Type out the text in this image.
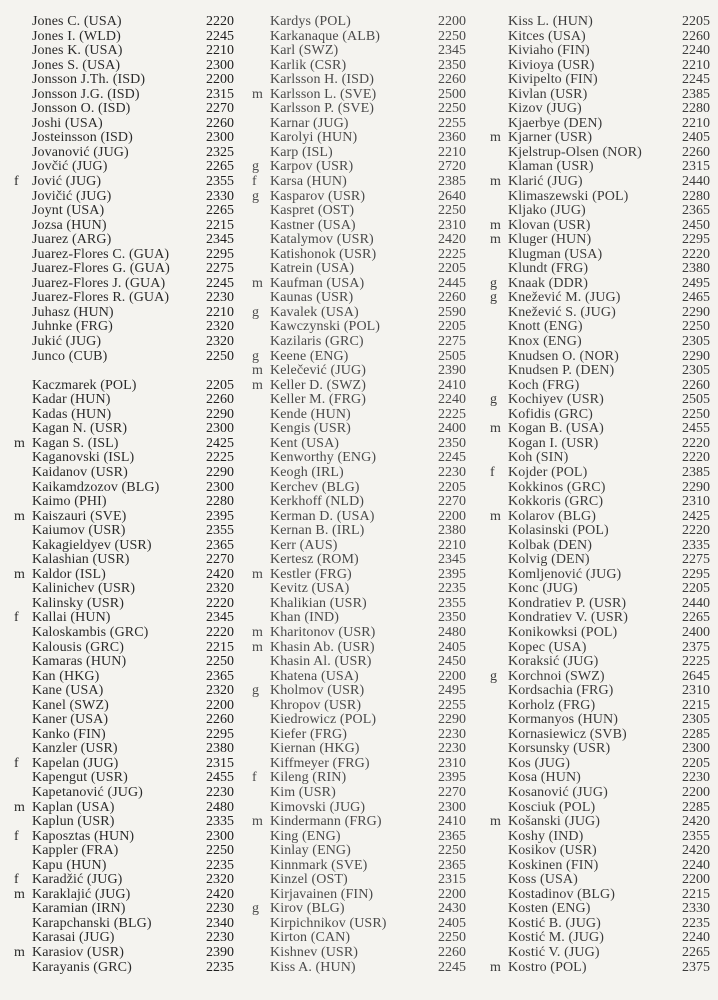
Jones C. (USA)	2220
Jones I. (WLD)	2245
Jones K. (USA)	2210
Jones S. (USA)	2300
Jonsson J.Th. (ISD)	2200
Jonsson J.G. (ISD)	2315
Jonsson O. (ISD)	2270
Joshi (USA)	2260
Josteinsson (ISD)	2300
Jovanović (JUG)	2325
Jovčić (JUG)	2265
f Jović (JUG)	2355
Jovičić (JUG)	2330
Joynt (USA)	2265
Jozsa (HUN)	2215
Juarez (ARG)	2345
Juarez-Flores C. (GUA)	2295
Juarez-Flores G. (GUA)	2275
Juarez-Flores J. (GUA)	2245
Juarez-Flores R. (GUA)	2230
Juhasz (HUN)	2210
Juhnke (FRG)	2320
Jukić (JUG)	2320
Junco (CUB)	2250
Kaczmarek (POL)	2205
Kadar (HUN)	2260
Kadas (HUN)	2290
Kagan N. (USR)	2300
m Kagan S. (ISL)	2425
Kaganovski (ISL)	2225
Kaidanov (USR)	2290
Kaikamdzozov (BLG)	2300
Kaimo (PHI)	2280
m Kaiszauri (SVE)	2395
Kaiumov (USR)	2355
Kakagieldyev (USR)	2365
Kalashian (USR)	2270
m Kaldor (ISL)	2420
Kalinichev (USR)	2320
Kalinsky (USR)	2220
f Kallai (HUN)	2345
Kaloskambis (GRC)	2220
Kalousis (GRC)	2215
Kamaras (HUN)	2250
Kan (HKG)	2365
Kane (USA)	2320
Kanel (SWZ)	2200
Kaner (USA)	2260
Kanko (FIN)	2295
Kanzler (USR)	2380
f Kapelan (JUG)	2315
Kapengut (USR)	2455
Kapetanović (JUG)	2230
m Kaplan (USA)	2480
Kaplun (USR)	2335
f Kaposztas (HUN)	2300
Kappler (FRA)	2250
Kapu (HUN)	2235
f Karadžić (JUG)	2320
m Karaklajić (JUG)	2420
Karamian (IRN)	2230
Karapchanski (BLG)	2340
Karasai (JUG)	2230
m Karasiov (USR)	2390
Karayanis (GRC)	2235
Kardys (POL)	2200
Karkanaque (ALB)	2250
Karl (SWZ)	2345
Karlik (CSR)	2350
Karlsson H. (ISD)	2260
m Karlsson L. (SVE)	2500
Karlsson P. (SVE)	2250
Karnar (JUG)	2255
Karolyi (HUN)	2360
Karp (ISL)	2210
g Karpov (USR)	2720
f Karsa (HUN)	2385
g Kasparov (USR)	2640
Kaspret (OST)	2250
Kastner (USA)	2310
Katalymov (USR)	2420
Katishonok (USR)	2225
Katrein (USA)	2205
m Kaufman (USA)	2445
Kaunas (USR)	2260
g Kavalek (USA)	2590
Kawczynski (POL)	2205
Kazilaris (GRC)	2275
g Keene (ENG)	2505
m Kelečević (JUG)	2390
m Keller D. (SWZ)	2410
Keller M. (FRG)	2240
Kende (HUN)	2225
Kengis (USR)	2400
Kent (USA)	2350
Kenworthy (ENG)	2245
Keogh (IRL)	2230
Kerchev (BLG)	2205
Kerkhoff (NLD)	2270
Kerman D. (USA)	2200
Kernan B. (IRL)	2380
Kerr (AUS)	2210
Kertesz (ROM)	2345
m Kestler (FRG)	2395
Kevitz (USA)	2235
Khalikian (USR)	2355
Khan (IND)	2350
m Kharitonov (USR)	2480
m Khasin Ab. (USR)	2405
Khasin Al. (USR)	2450
Khatena (USA)	2200
g Kholmov (USR)	2495
Khropov (USR)	2255
Kiedrowicz (POL)	2290
Kiefer (FRG)	2230
Kiernan (HKG)	2230
Kiffmeyer (FRG)	2310
f Kileng (RIN)	2395
Kim (USR)	2270
Kimovski (JUG)	2300
m Kindermann (FRG)	2410
King (ENG)	2365
Kinlay (ENG)	2250
Kinnmark (SVE)	2365
Kinzel (OST)	2315
Kirjavainen (FIN)	2200
g Kirov (BLG)	2430
Kirpichnikov (USR)	2405
Kirton (CAN)	2250
Kishnev (USR)	2260
Kiss A. (HUN)	2245
Kiss L. (HUN)	2205
Kitces (USA)	2260
Kiviaho (FIN)	2240
Kivioya (USR)	2210
Kivipelto (FIN)	2245
Kivlan (USR)	2385
Kizov (JUG)	2280
Kjaerbye (DEN)	2210
m Kjarner (USR)	2405
Kjelstrup-Olsen (NOR)	2260
Klaman (USR)	2315
m Klarić (JUG)	2440
Klimaszewski (POL)	2280
Kljako (JUG)	2365
m Klovan (USR)	2450
m Kluger (HUN)	2295
Klugman (USA)	2220
Klundt (FRG)	2380
g Knaak (DDR)	2495
g Knežević M. (JUG)	2465
Knežević S. (JUG)	2290
Knott (ENG)	2250
Knox (ENG)	2305
Knudsen O. (NOR)	2290
Knudsen P. (DEN)	2305
Koch (FRG)	2260
g Kochiyev (USR)	2505
Kofidis (GRC)	2250
m Kogan B. (USA)	2455
Kogan I. (USR)	2220
Koh (SIN)	2220
f Kojder (POL)	2385
Kokkinos (GRC)	2290
Kokkoris (GRC)	2310
m Kolarov (BLG)	2425
Kolasinski (POL)	2220
Kolbak (DEN)	2335
Kolvig (DEN)	2275
Komljenović (JUG)	2295
Konc (JUG)	2205
Kondratiev P. (USR)	2440
Kondratiev V. (USR)	2265
Konikowksi (POL)	2400
Kopec (USA)	2375
Koraksić (JUG)	2225
g Korchnoi (SWZ)	2645
Kordsachia (FRG)	2310
Korholz (FRG)	2215
Kormanyos (HUN)	2305
Kornasiewicz (SVB)	2285
Korsunsky (USR)	2300
Kos (JUG)	2205
Kosa (HUN)	2230
Kosanović (JUG)	2200
Kosciuk (POL)	2285
m Košanski (JUG)	2420
Koshy (IND)	2355
Kosikov (USR)	2420
Koskinen (FIN)	2240
Koss (USA)	2200
Kostadinov (BLG)	2215
Kosten (ENG)	2330
Kostić B. (JUG)	2235
Kostić M. (JUG)	2240
Kostić V. (JUG)	2265
m Kostro (POL)	2375
